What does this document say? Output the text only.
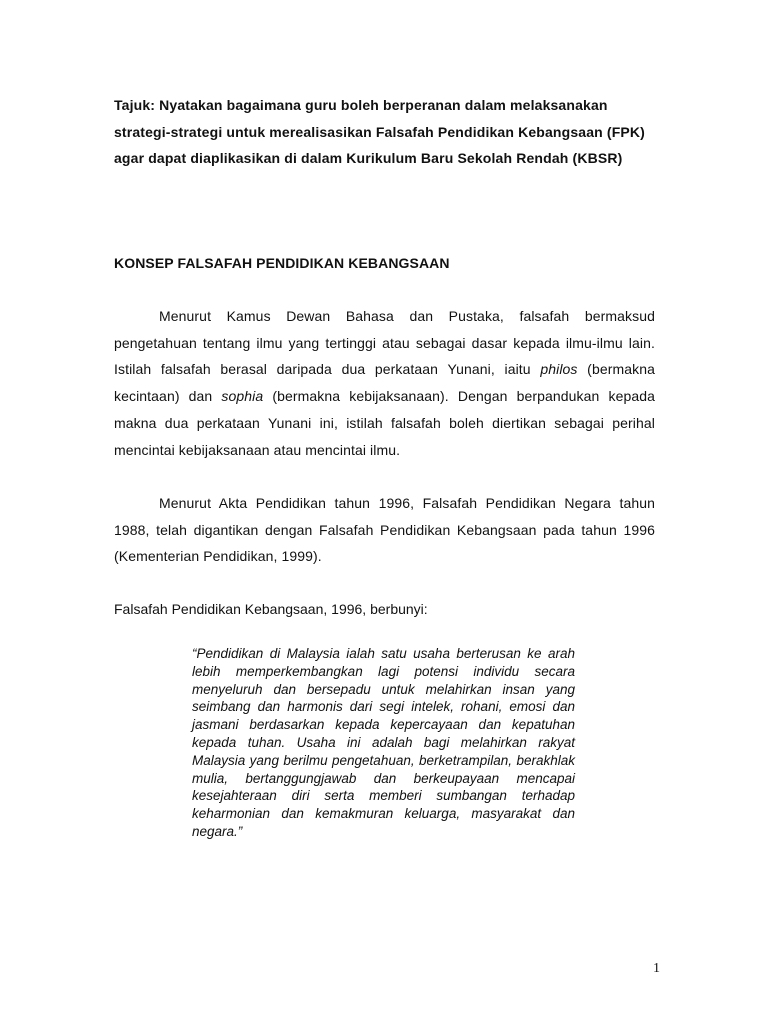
Tajuk: Nyatakan bagaimana guru boleh berperanan dalam melaksanakan strategi-strategi untuk merealisasikan Falsafah Pendidikan Kebangsaan (FPK) agar dapat diaplikasikan di dalam Kurikulum Baru Sekolah Rendah (KBSR)

KONSEP FALSAFAH PENDIDIKAN KEBANGSAAN

Menurut Kamus Dewan Bahasa dan Pustaka, falsafah bermaksud pengetahuan tentang ilmu yang tertinggi atau sebagai dasar kepada ilmu-ilmu lain. Istilah falsafah berasal daripada dua perkataan Yunani, iaitu philos (bermakna kecintaan) dan sophia (bermakna kebijaksanaan). Dengan berpandukan kepada makna dua perkataan Yunani ini, istilah falsafah boleh diertikan sebagai perihal mencintai kebijaksanaan atau mencintai ilmu.

Menurut Akta Pendidikan tahun 1996, Falsafah Pendidikan Negara tahun 1988, telah digantikan dengan Falsafah Pendidikan Kebangsaan pada tahun 1996 (Kementerian Pendidikan, 1999).

Falsafah Pendidikan Kebangsaan, 1996, berbunyi:

“Pendidikan di Malaysia ialah satu usaha berterusan ke arah lebih memperkembangkan lagi potensi individu secara menyeluruh dan bersepadu untuk melahirkan insan yang seimbang dan harmonis dari segi intelek, rohani, emosi dan jasmani berdasarkan kepada kepercayaan dan kepatuhan kepada tuhan. Usaha ini adalah bagi melahirkan rakyat Malaysia yang berilmu pengetahuan, berketrampilan, berakhlak mulia, bertanggungjawab dan berkeupayaan mencapai kesejahteraan diri serta memberi sumbangan terhadap keharmonian dan kemakmuran keluarga, masyarakat dan negara.”

1
